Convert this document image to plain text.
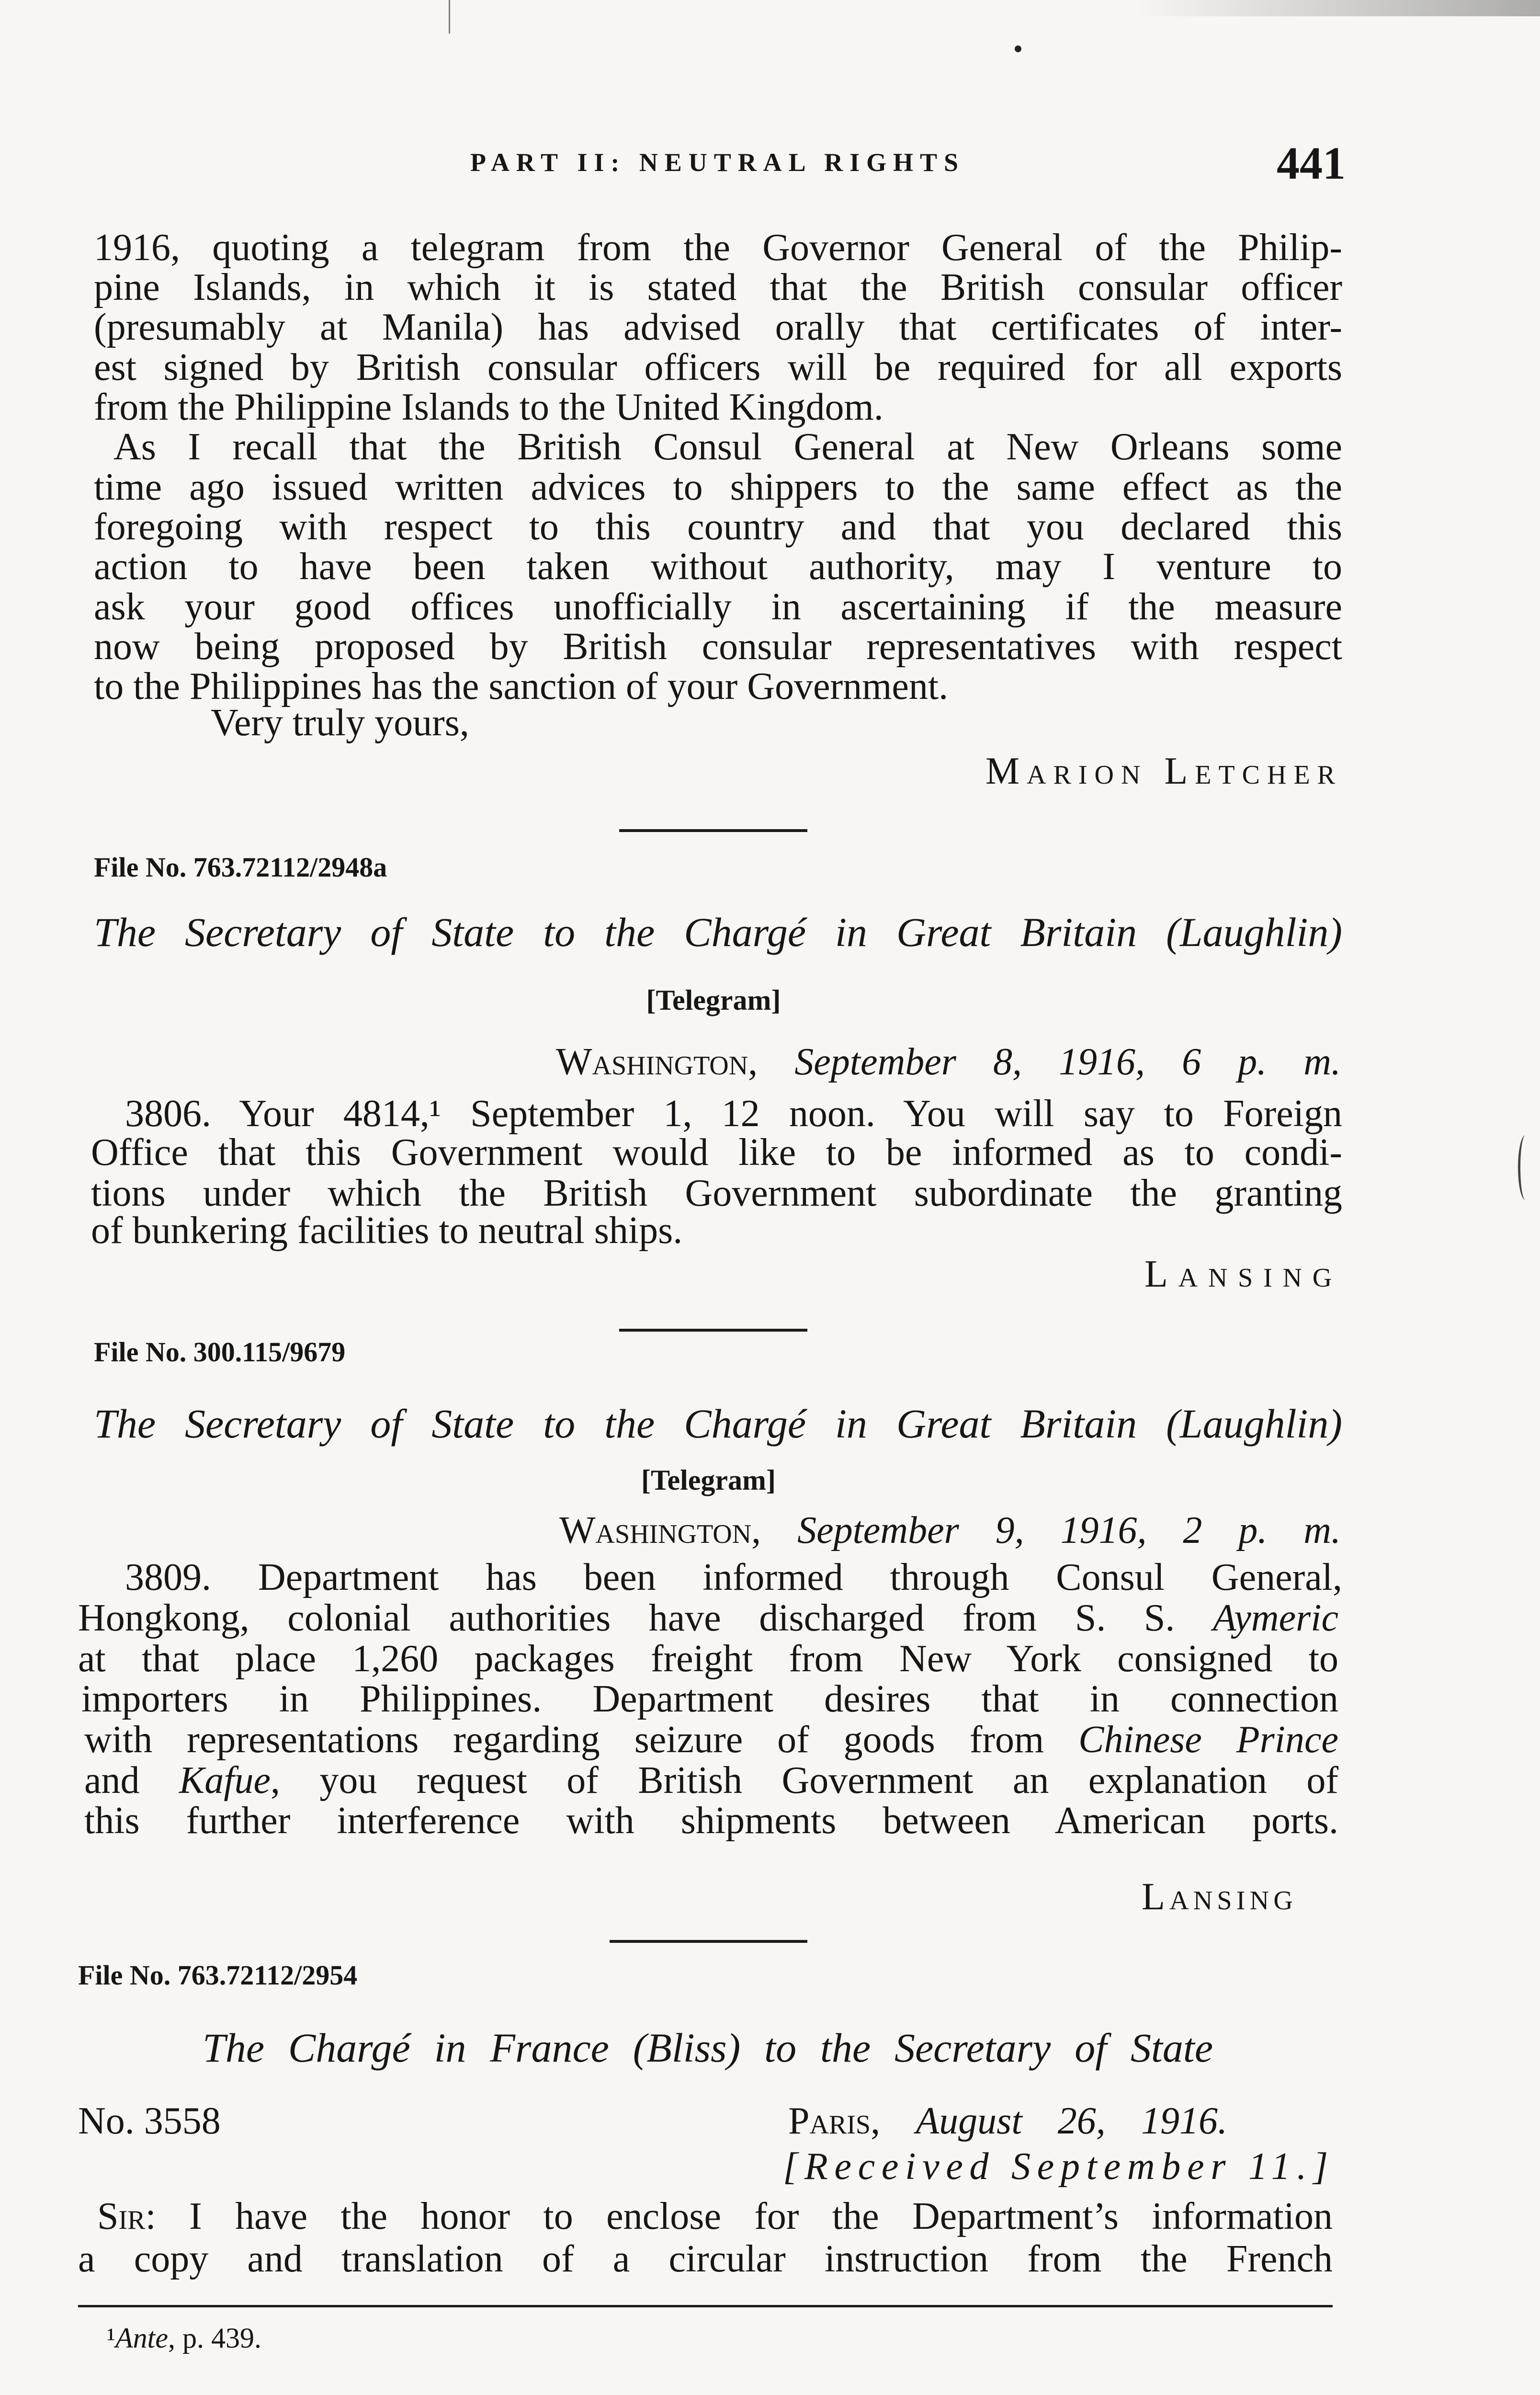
PART II: NEUTRAL RIGHTS	441
1916, quoting a telegram from the Governor General of the Philip-
pine Islands, in which it is stated that the British consular officer
(presumably at Manila) has advised orally that certificates of inter-
est signed by British consular officers will be required for all exports
from the Philippine Islands to the United Kingdom.
As I recall that the British Consul General at New Orleans some
time ago issued written advices to shippers to the same effect as the
foregoing with respect to this country and that you declared this
action to have been taken without authority, may I venture to
ask your good offices unofficially in ascertaining if the measure
now being proposed by British consular representatives with respect
to the Philippines has the sanction of your Government.
Very truly yours,
Marion Letcher
File No. 763.72112/2948a
The Secretary of State to the Chargé in Great Britain (Laughlin)
[Telegram]
Washington, September 8, 1916, 6 p. m.
3806. Your 4814,¹ September 1, 12 noon. You will say to Foreign
Office that this Government would like to be informed as to condi-
tions under which the British Government subordinate the granting
of bunkering facilities to neutral ships.
Lansing
File No. 300.115/9679
The Secretary of State to the Chargé in Great Britain (Laughlin)
[Telegram]
Washington, September 9, 1916, 2 p. m.
3809. Department has been informed through Consul General,
Hongkong, colonial authorities have discharged from S. S. Aymeric
at that place 1,260 packages freight from New York consigned to
importers in Philippines. Department desires that in connection
with representations regarding seizure of goods from Chinese Prince
and Kafue, you request of British Government an explanation of
this further interference with shipments between American ports.
Lansing
File No. 763.72112/2954
The Chargé in France (Bliss) to the Secretary of State
No. 3558	Paris, August 26, 1916.
[Received September 11.]
Sir: I have the honor to enclose for the Department’s information
a copy and translation of a circular instruction from the French
¹Ante, p. 439.
